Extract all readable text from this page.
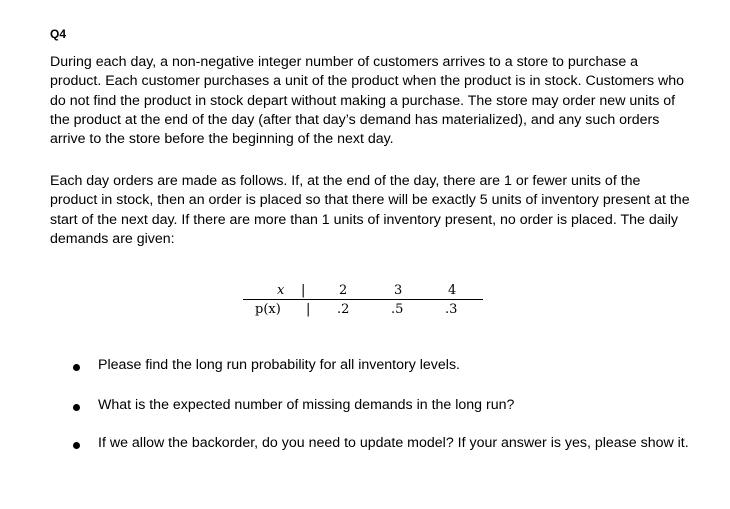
Q4

During each day, a non-negative integer number of customers arrives to a store to purchase a product. Each customer purchases a unit of the product when the product is in stock. Customers who do not find the product in stock depart without making a purchase. The store may order new units of the product at the end of the day (after that day’s demand has materialized), and any such orders arrive to the store before the beginning of the next day.

Each day orders are made as follows. If, at the end of the day, there are 1 or fewer units of the product in stock, then an order is placed so that there will be exactly 5 units of inventory present at the start of the next day. If there are more than 1 units of inventory present, no order is placed. The daily demands are given:

x |	2	3	4
p(x) | .2	.5	.3
Please find the long run probability for all inventory levels.
What is the expected number of missing demands in the long run?
If we allow the backorder, do you need to update model? If your answer is yes, please show it.
